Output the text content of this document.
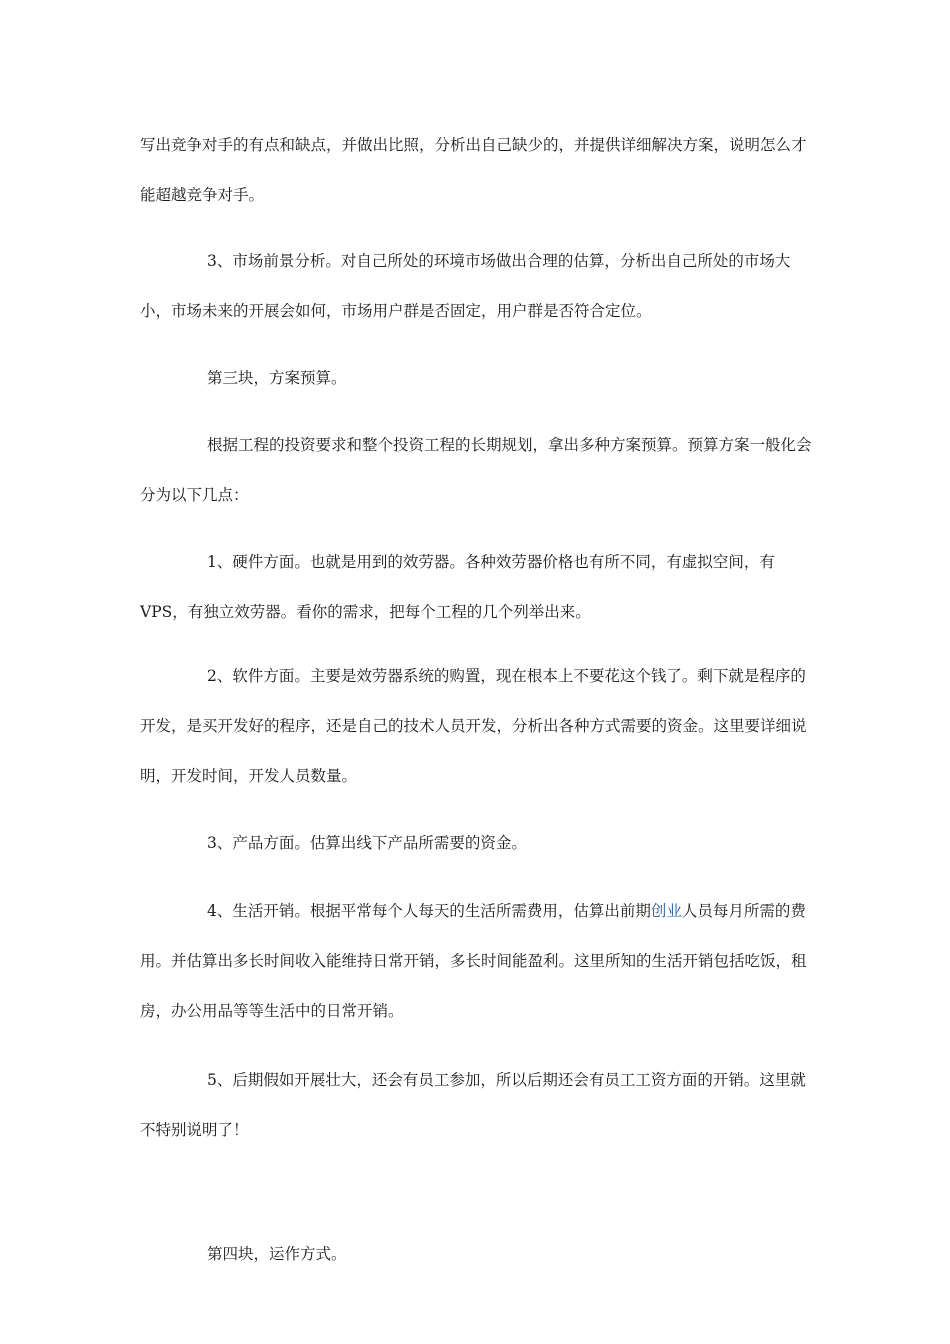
写出竞争对手的有点和缺点，并做出比照，分析出自己缺少的，并提供详细解决方案，说明怎么才能超越竞争对手。

3、市场前景分析。对自己所处的环境市场做出合理的估算，分析出自己所处的市场大小，市场未来的开展会如何，市场用户群是否固定，用户群是否符合定位。

第三块，方案预算。

根据工程的投资要求和整个投资工程的长期规划，拿出多种方案预算。预算方案一般化会分为以下几点：

1、硬件方面。也就是用到的效劳器。各种效劳器价格也有所不同，有虚拟空间，有VPS，有独立效劳器。看你的需求，把每个工程的几个列举出来。

2、软件方面。主要是效劳器系统的购置，现在根本上不要花这个钱了。剩下就是程序的开发，是买开发好的程序，还是自己的技术人员开发，分析出各种方式需要的资金。这里要详细说明，开发时间，开发人员数量。

3、产品方面。估算出线下产品所需要的资金。

4、生活开销。根据平常每个人每天的生活所需费用，估算出前期创业人员每月所需的费用。并估算出多长时间收入能维持日常开销，多长时间能盈利。这里所知的生活开销包括吃饭，租房，办公用品等等生活中的日常开销。

5、后期假如开展壮大，还会有员工参加，所以后期还会有员工工资方面的开销。这里就不特别说明了！

第四块，运作方式。
